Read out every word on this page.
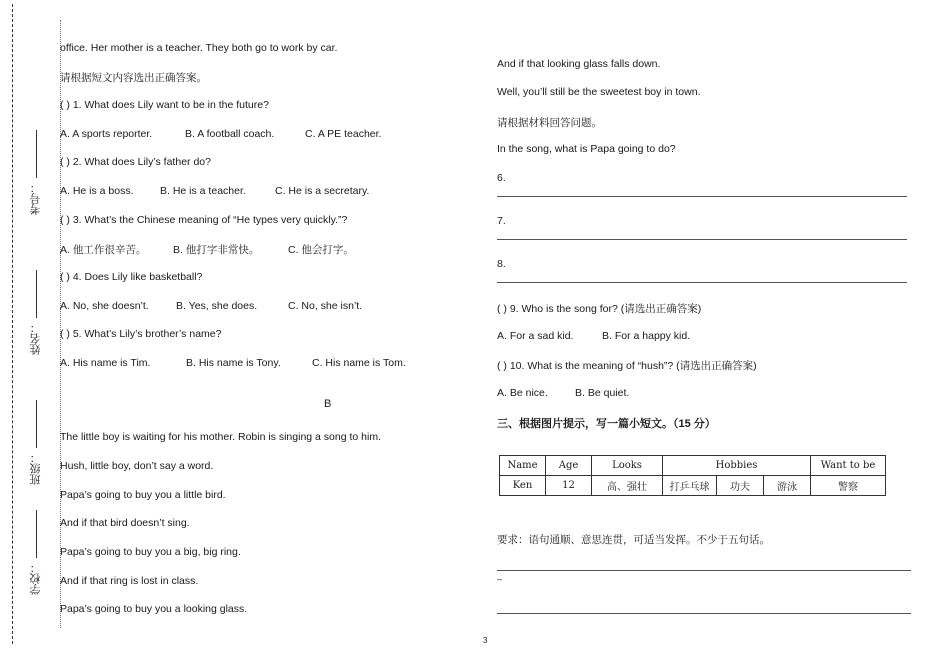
考号：
姓名：
班级：
学校：
office. Her mother is a teacher. They both go to work by car.
请根据短文内容选出正确答案。
( ) 1. What does Lily want to be in the future?
A. A sports reporter.	B. A football coach.	C. A PE teacher.
( ) 2. What does Lily’s father do?
A. He is a boss.	B. He is a teacher.	C. He is a secretary.
( ) 3. What’s the Chinese meaning of “He types very quickly.”?
A. 他工作很辛苦。	B. 他打字非常快。	C. 他会打字。
( ) 4. Does Lily like basketball?
A. No, she doesn’t.	B. Yes, she does.	C. No, she isn’t.
( ) 5. What’s Lily’s brother’s name?
A. His name is Tim.	B. His name is Tony.	C. His name is Tom.
B
The little boy is waiting for his mother. Robin is singing a song to him.
Hush, little boy, don’t say a word.
Papa’s going to buy you a little bird.
And if that bird doesn’t sing.
Papa’s going to buy you a big, big ring.
And if that ring is lost in class.
Papa’s going to buy you a looking glass.
And if that looking glass falls down.
Well, you’ll still be the sweetest boy in town.
请根据材料回答问题。
In the song, what is Papa going to do?
6.
7.
8.
( ) 9. Who is the song for? (请选出正确答案)
A. For a sad kid.	B. For a happy kid.
( ) 10. What is the meaning of “hush”? (请选出正确答案)
A. Be nice.	B. Be quiet.
三、根据图片提示，写一篇小短文。（15 分）
Name	Age	Looks	Hobbies			Want to be
Ken	12	高、强壮	打乒乓球	功夫	游泳	警察
要求：语句通顺、意思连贯，可适当发挥。不少于五句话。
–
3
